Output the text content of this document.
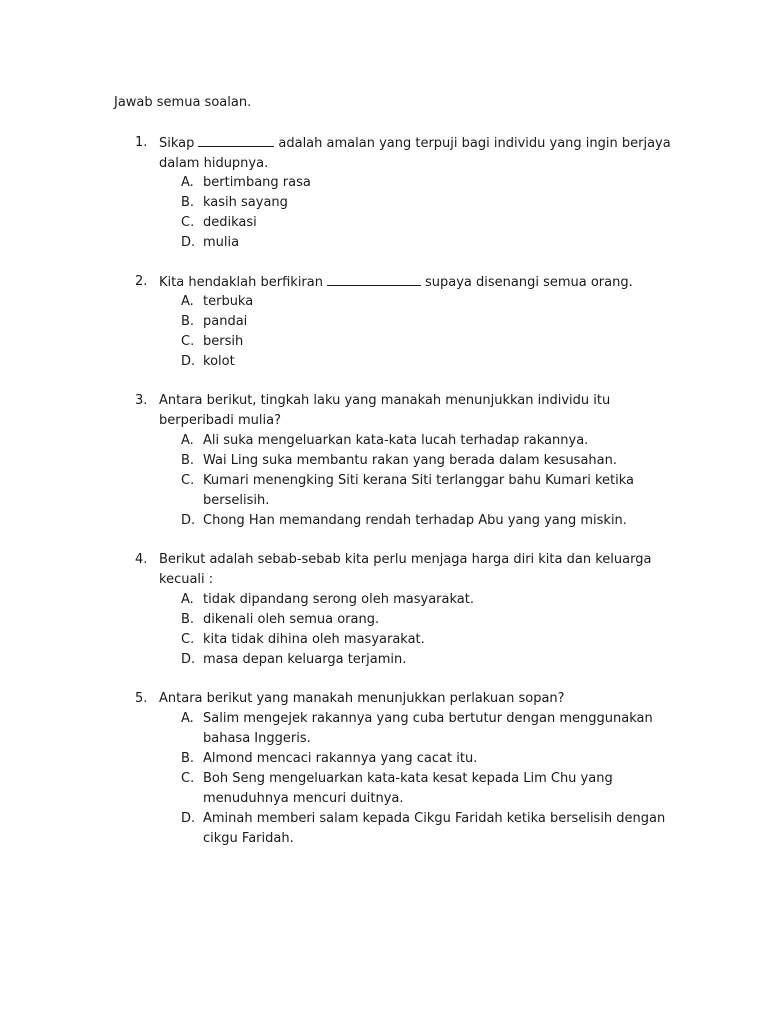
Jawab semua soalan.
1. Sikap	adalah amalan yang terpuji bagi individu yang ingin berjaya
dalam hidupnya.
A. bertimbang rasa
B. kasih sayang
C. dedikasi
D. mulia
2. Kita hendaklah berfikiran	supaya disenangi semua orang.
A. terbuka
B. pandai
C. bersih
D. kolot
3. Antara berikut, tingkah laku yang manakah menunjukkan individu itu
berperibadi mulia?
A. Ali suka mengeluarkan kata-kata lucah terhadap rakannya.
B. Wai Ling suka membantu rakan yang berada dalam kesusahan.
C. Kumari menengking Siti kerana Siti terlanggar bahu Kumari ketika
berselisih.
D. Chong Han memandang rendah terhadap Abu yang yang miskin.
4. Berikut adalah sebab-sebab kita perlu menjaga harga diri kita dan keluarga
kecuali :
A. tidak dipandang serong oleh masyarakat.
B. dikenali oleh semua orang.
C. kita tidak dihina oleh masyarakat.
D. masa depan keluarga terjamin.
5. Antara berikut yang manakah menunjukkan perlakuan sopan?
A. Salim mengejek rakannya yang cuba bertutur dengan menggunakan
bahasa Inggeris.
B. Almond mencaci rakannya yang cacat itu.
C. Boh Seng mengeluarkan kata-kata kesat kepada Lim Chu yang
menuduhnya mencuri duitnya.
D. Aminah memberi salam kepada Cikgu Faridah ketika berselisih dengan
cikgu Faridah.
